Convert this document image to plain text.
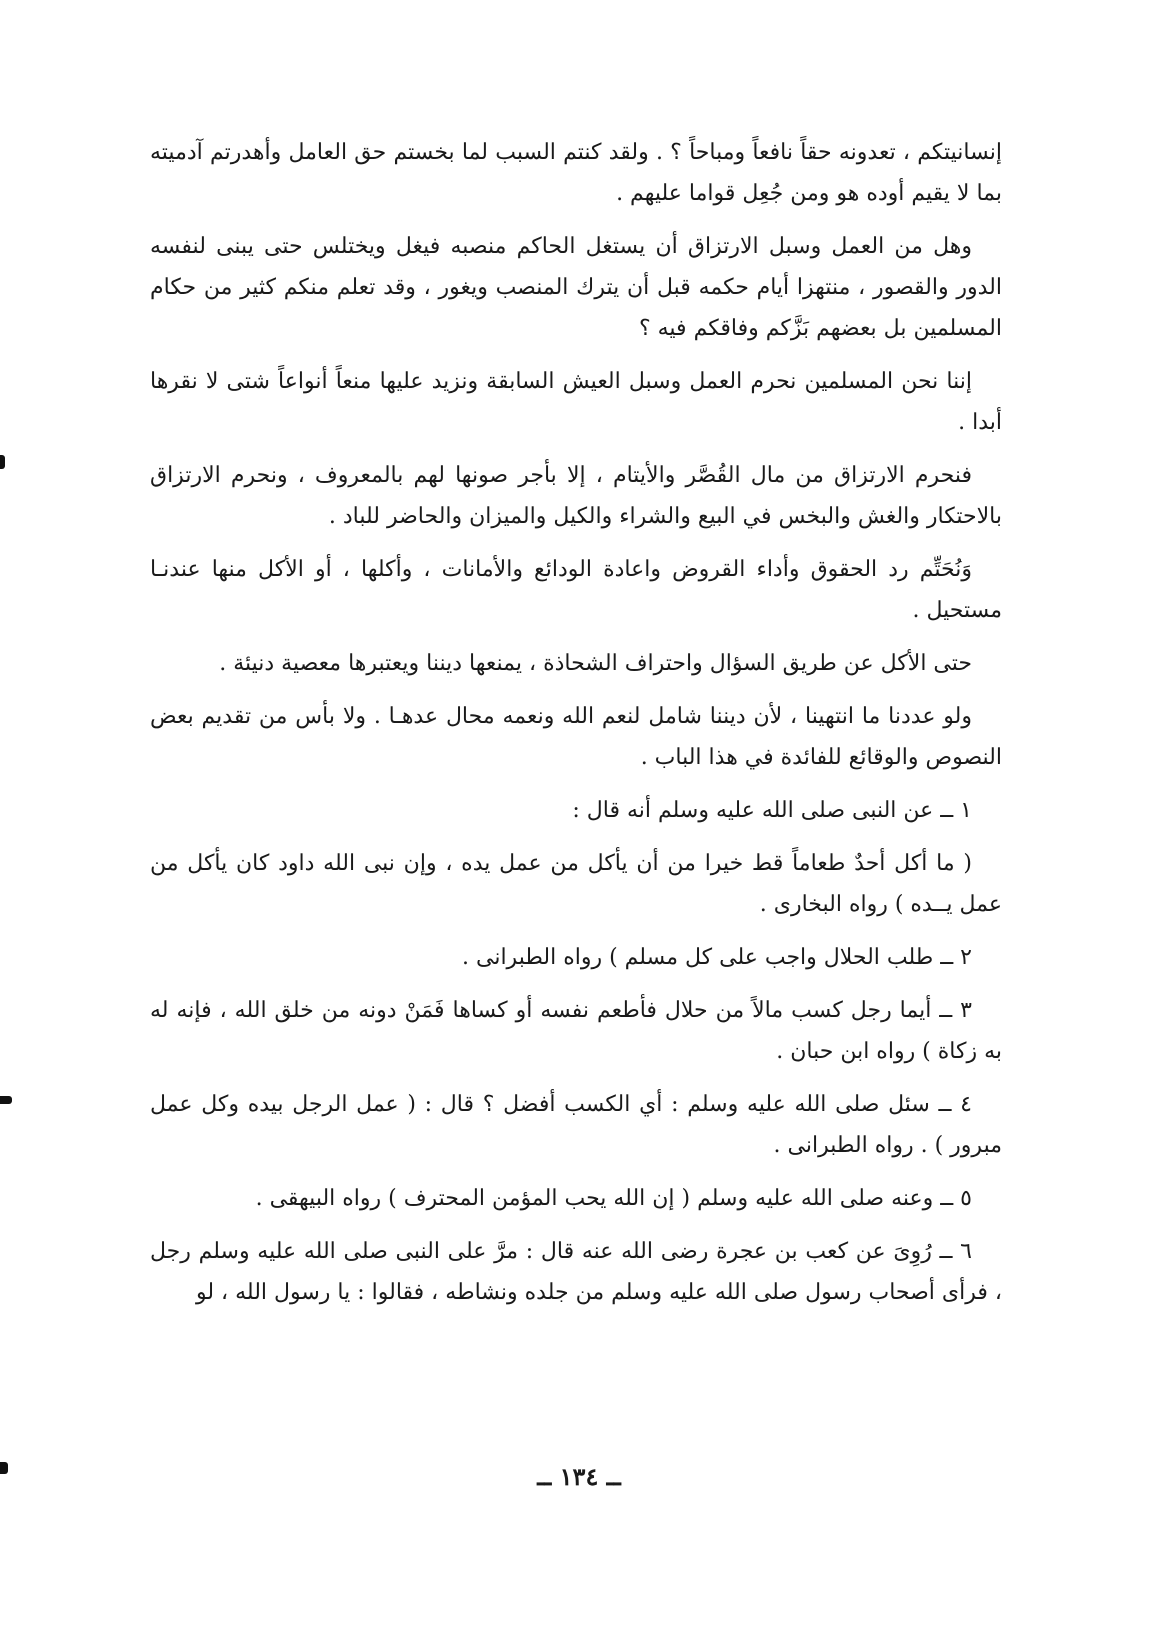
إنسانيتكم ، تعدونه حقاً نافعاً ومباحاً ؟ . ولقد كنتم السبب لما بخستم حق العامل وأهدرتم آدميته بما لا يقيم أوده هو ومن جُعِل قواما عليهم .

وهل من العمل وسبل الارتزاق أن يستغل الحاكم منصبه فيغل ويختلس حتى يبنى لنفسه الدور والقصور ، منتهزا أيام حكمه قبل أن يترك المنصب ويغور ، وقد تعلم منكم كثير من حكام المسلمين بل بعضهم بَزَّكم وفاقكم فيه ؟

إننا نحن المسلمين نحرم العمل وسبل العيش السابقة ونزيد عليها منعاً أنواعاً شتى لا نقرها أبدا .

فنحرم الارتزاق من مال القُصَّر والأيتام ، إلا بأجر صونها لهم بالمعروف ، ونحرم الارتزاق بالاحتكار والغش والبخس في البيع والشراء والكيل والميزان والحاضر للباد .

وَنُحَتِّم رد الحقوق وأداء القروض واعادة الودائع والأمانات ، وأكلها ، أو الأكل منها عندنـا مستحيل .

حتى الأكل عن طريق السؤال واحتراف الشحاذة ، يمنعها ديننا ويعتبرها معصية دنيئة .

ولو عددنا ما انتهينا ، لأن ديننا شامل لنعم الله ونعمه محال عدهـا . ولا بأس من تقديم بعض النصوص والوقائع للفائدة في هذا الباب .

١ ــ عن النبى صلى الله عليه وسلم أنه قال :

( ما أكل أحدٌ طعاماً قط خيرا من أن يأكل من عمل يده ، وإن نبى الله داود كان يأكل من عمل يــده ) رواه البخارى .

٢ ــ طلب الحلال واجب على كل مسلم ) رواه الطبرانى .

٣ ــ أيما رجل كسب مالاً من حلال فأطعم نفسه أو كساها فَمَنْ دونه من خلق الله ، فإنه له به زكاة ) رواه ابن حبان .

٤ ــ سئل صلى الله عليه وسلم : أي الكسب أفضل ؟ قال : ( عمل الرجل بيده وكل عمل مبرور ) . رواه الطبرانى .

٥ ــ وعنه صلى الله عليه وسلم ( إن الله يحب المؤمن المحترف ) رواه البيهقى .

٦ ــ رُوِىَ عن كعب بن عجرة رضى الله عنه قال : مرَّ على النبى صلى الله عليه وسلم رجل ، فرأى أصحاب رسول صلى الله عليه وسلم من جلده ونشاطه ، فقالوا : يا رسول الله ، لو

ــ ١٣٤ ــ
